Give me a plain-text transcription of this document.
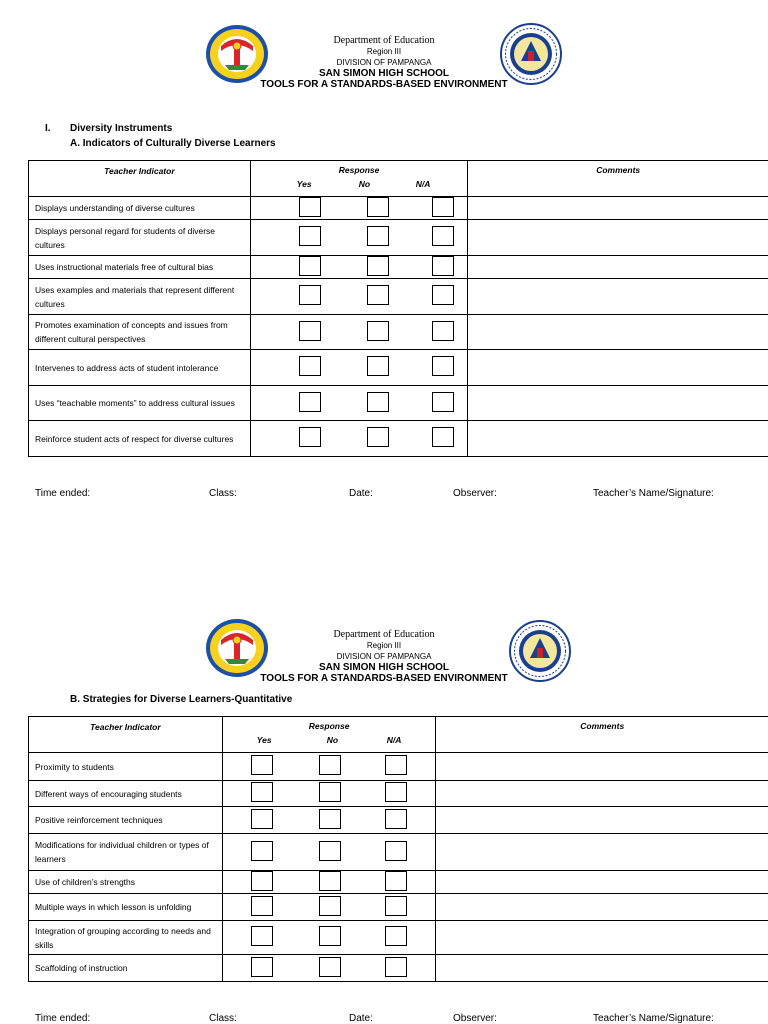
Department of Education
Region III
DIVISION OF PAMPANGA
SAN SIMON HIGH SCHOOL
TOOLS FOR A STANDARDS-BASED ENVIRONMENT
I. Diversity Instruments
A. Indicators of Culturally Diverse Learners
Teacher Indicator	Response
Yes No N/A	Comments
Displays understanding of diverse cultures	

Displays personal regard for students of diverse cultures	

Uses instructional materials free of cultural bias	

Uses examples and materials that represent different cultures	

Promotes examination of concepts and issues from different cultural perspectives	

Intervenes to address acts of student intolerance	

Uses “teachable moments” to address cultural issues	

Reinforce student acts of respect for diverse cultures	

Time ended:	Class:	Date:	Observer:	Teacher’s Name/Signature:
Department of Education
Region III
DIVISION OF PAMPANGA
SAN SIMON HIGH SCHOOL
TOOLS FOR A STANDARDS-BASED ENVIRONMENT
B. Strategies for Diverse Learners-Quantitative
Teacher Indicator	Response
Yes No N/A	Comments
Proximity to students	

Different ways of encouraging students	

Positive reinforcement techniques	

Modifications for individual children or types of learners	

Use of children’s strengths	

Multiple ways in which lesson is unfolding	

Integration of grouping according to needs and skills	

Scaffolding of instruction	

Time ended:	Class:	Date:	Observer:	Teacher’s Name/Signature:
